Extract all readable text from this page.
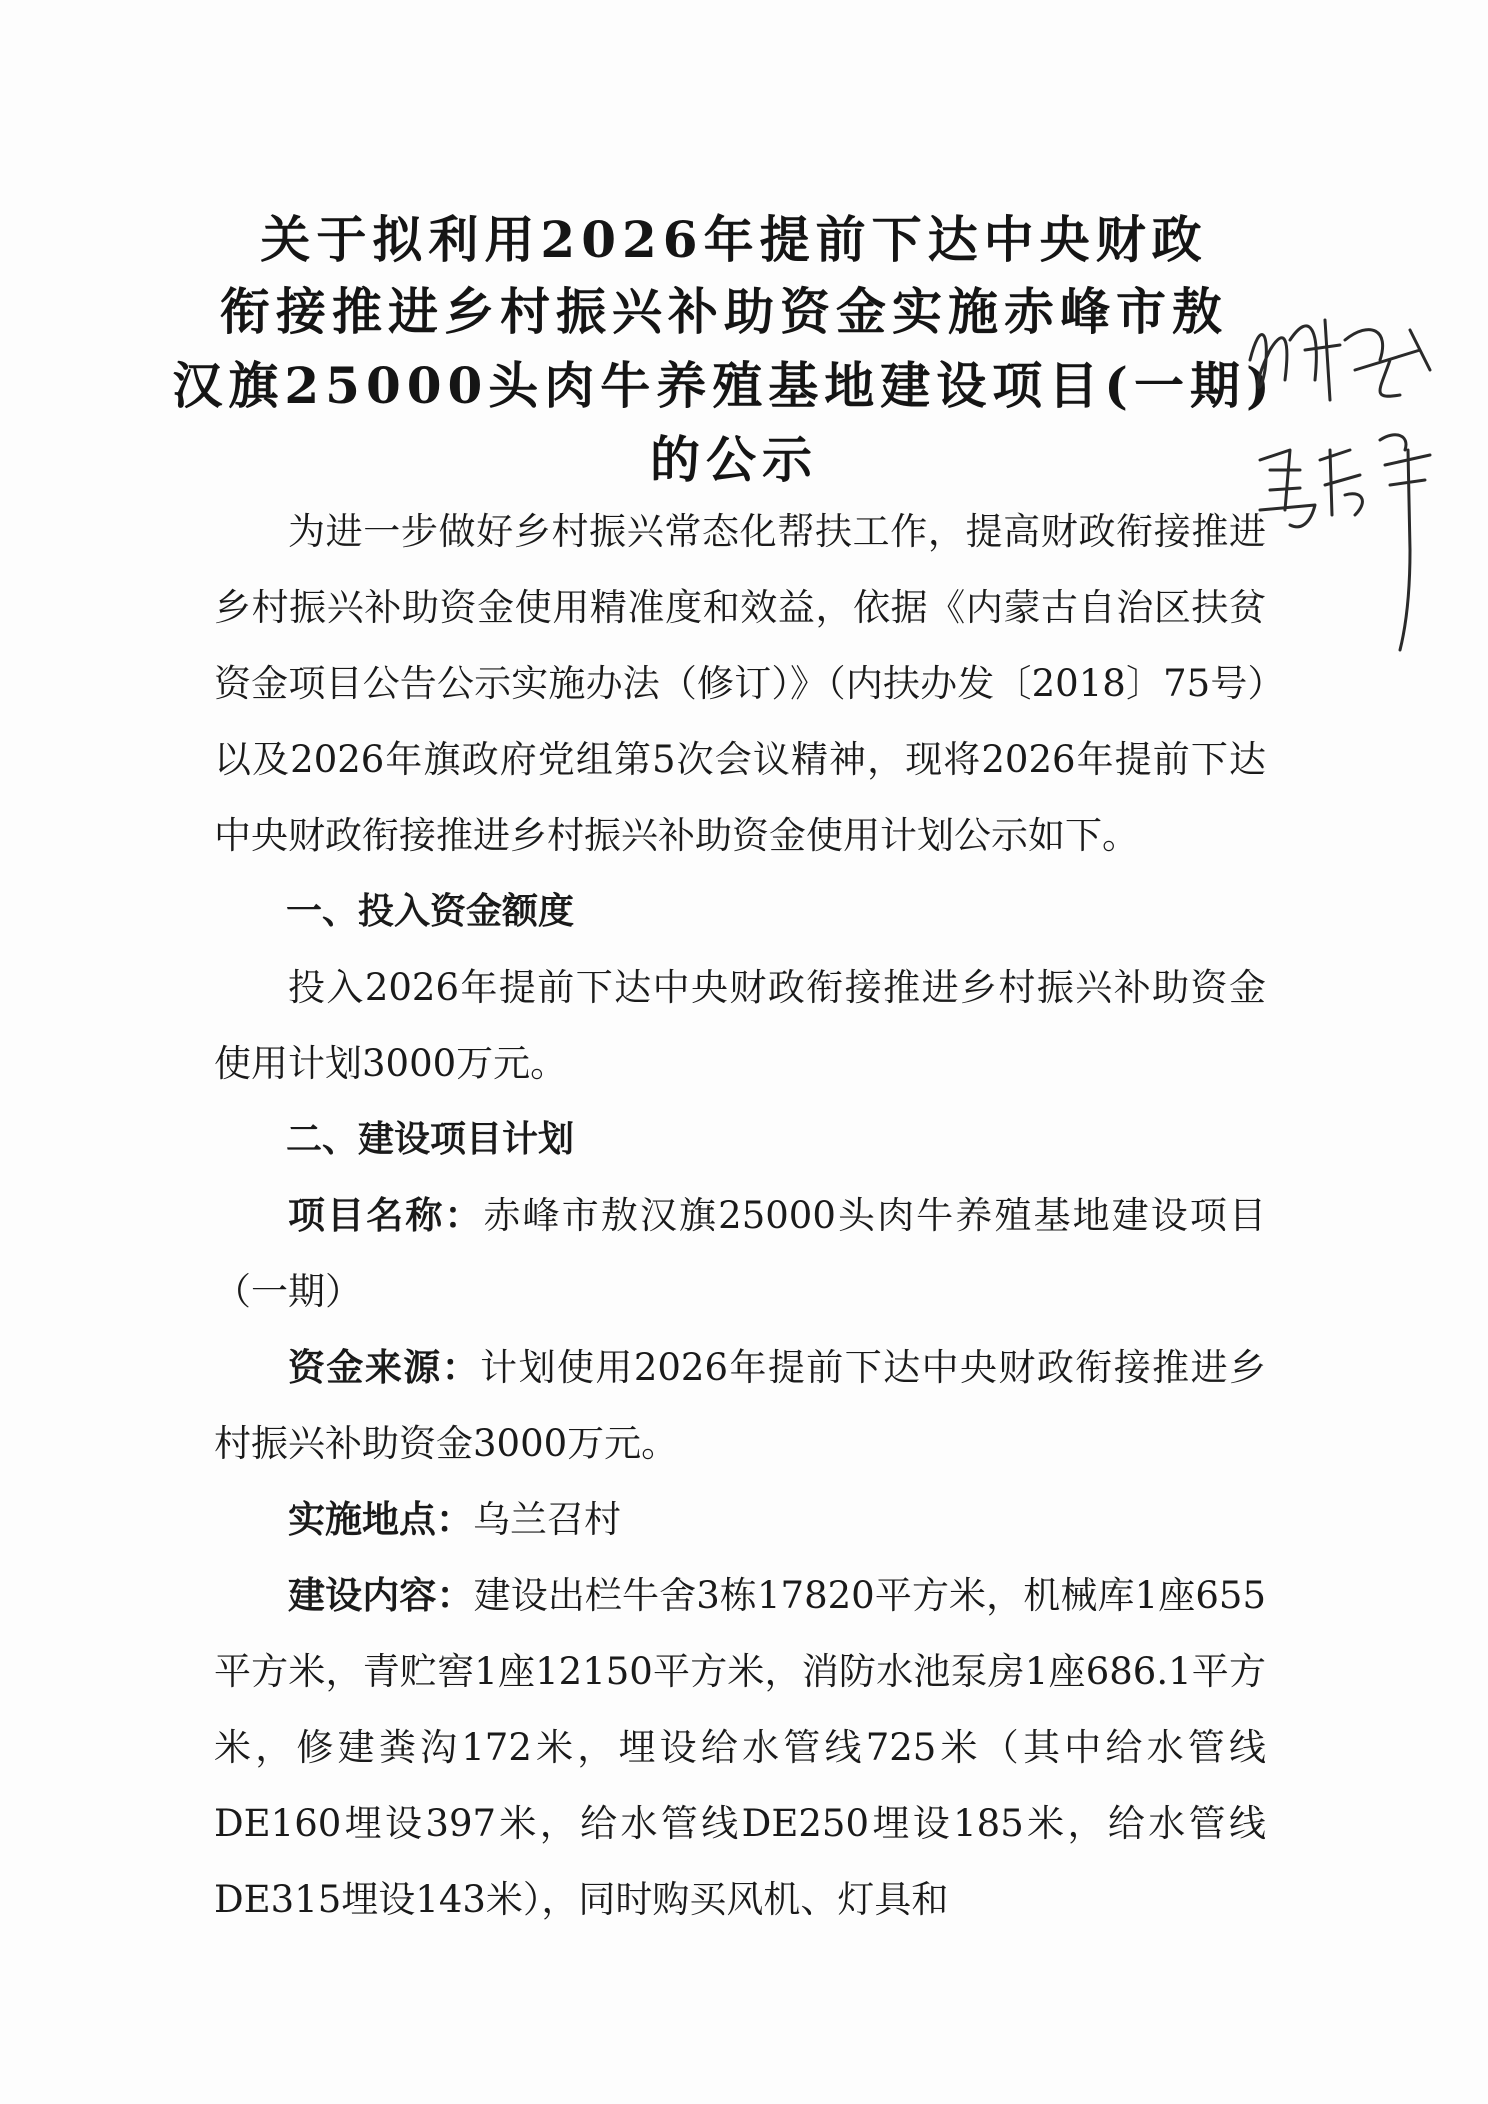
关于拟利用2026年提前下达中央财政
衔接推进乡村振兴补助资金实施赤峰市敖
汉旗25000头肉牛养殖基地建设项目(一期)
的公示

为进一步做好乡村振兴常态化帮扶工作，提高财政衔接推进乡村振兴补助资金使用精准度和效益，依据《内蒙古自治区扶贫资金项目公告公示实施办法（修订）》（内扶办发〔2018〕75号）以及2026年旗政府党组第5次会议精神，现将2026年提前下达中央财政衔接推进乡村振兴补助资金使用计划公示如下。

一、投入资金额度

投入2026年提前下达中央财政衔接推进乡村振兴补助资金使用计划3000万元。

二、建设项目计划

项目名称：赤峰市敖汉旗25000头肉牛养殖基地建设项目（一期）

资金来源：计划使用2026年提前下达中央财政衔接推进乡村振兴补助资金3000万元。

实施地点：乌兰召村

建设内容：建设出栏牛舍3栋17820平方米，机械库1座655平方米，青贮窖1座12150平方米，消防水池泵房1座686.1平方米，修建粪沟172米，埋设给水管线725米（其中给水管线DE160埋设397米，给水管线DE250埋设185米，给水管线DE315埋设143米），同时购买风机、灯具和
